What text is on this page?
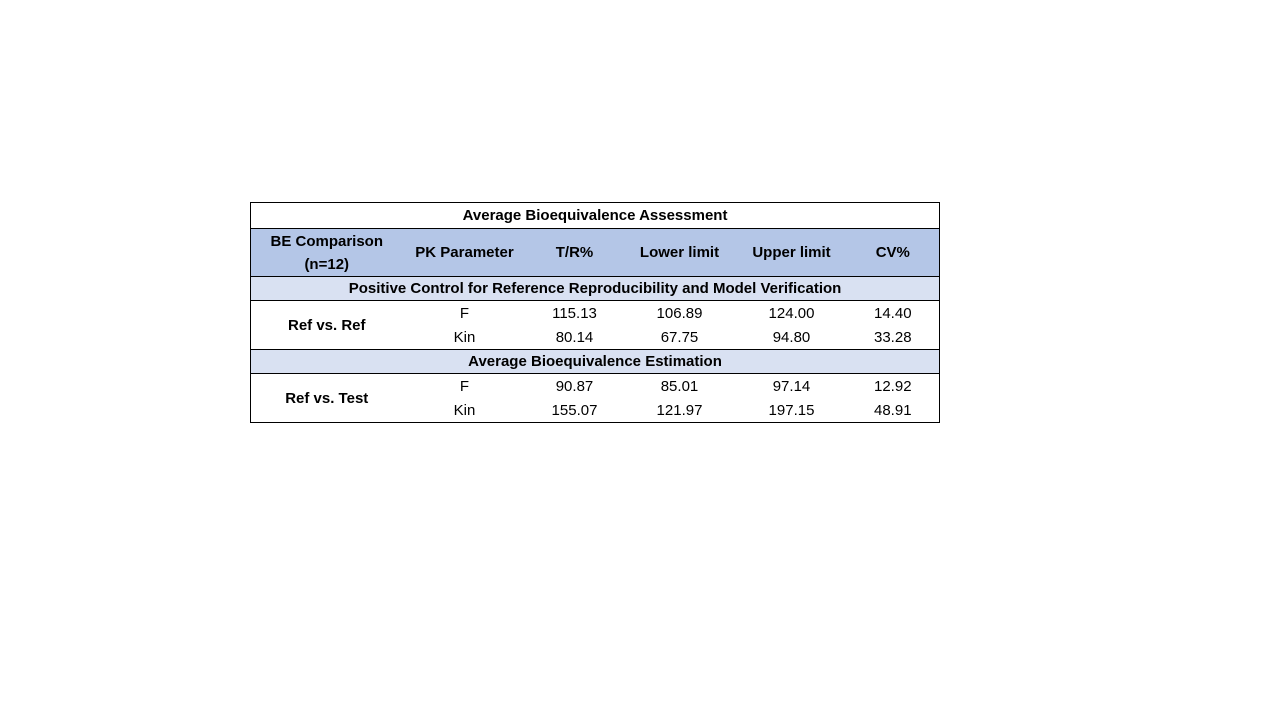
Average Bioequivalence Assessment					

BE Comparison
(n=12)	PK Parameter	T/R%	Lower limit	Upper limit	CV%
Positive Control for Reference Reproducibility and Model Verification					
Ref vs. Ref	F	115.13	106.89	124.00	14.40
	Kin	80.14	67.75	94.80	33.28
Average Bioequivalence Estimation					
Ref vs. Test	F	90.87	85.01	97.14	12.92
	Kin	155.07	121.97	197.15	48.91
